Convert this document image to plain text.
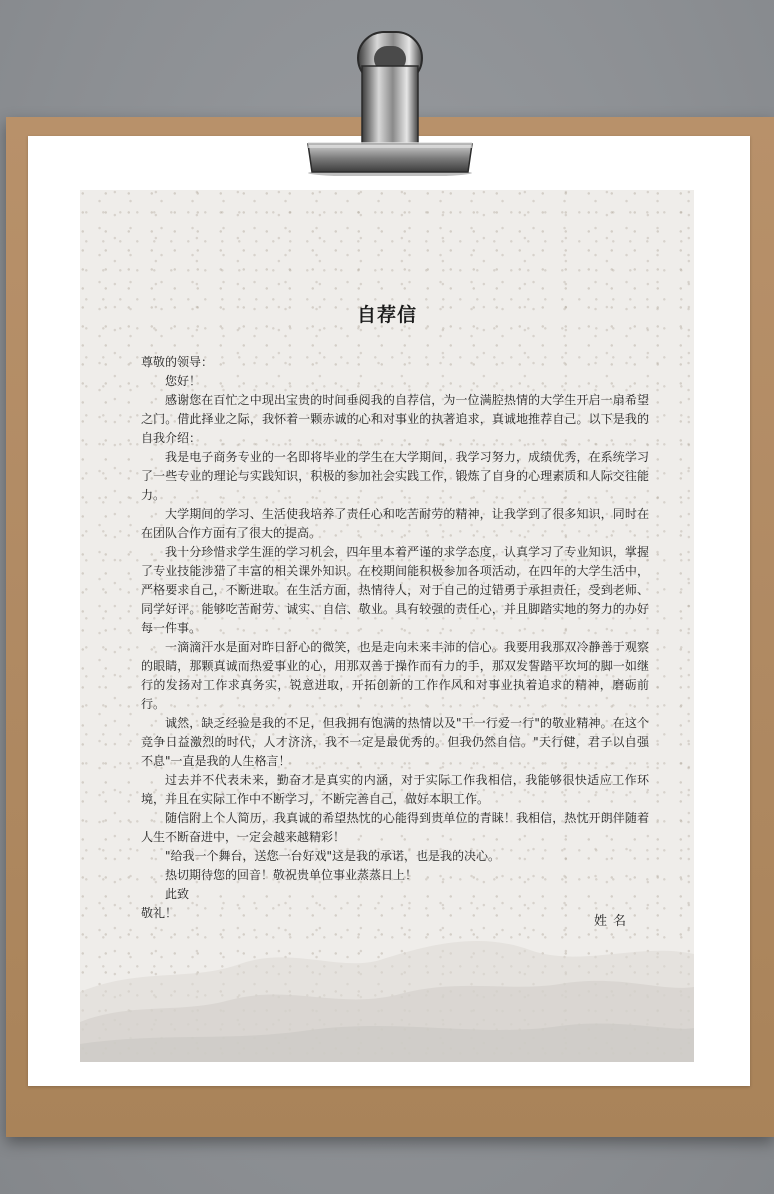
自荐信

尊敬的领导：

您好！

感谢您在百忙之中现出宝贵的时间垂阅我的自荐信，为一位满腔热情的大学生开启一扇希望之门。借此择业之际，我怀着一颗赤诚的心和对事业的执著追求，真诚地推荐自己。以下是我的自我介绍：

我是电子商务专业的一名即将毕业的学生在大学期间，我学习努力，成绩优秀，在系统学习了一些专业的理论与实践知识，积极的参加社会实践工作，锻炼了自身的心理素质和人际交往能力。

大学期间的学习、生活使我培养了责任心和吃苦耐劳的精神，让我学到了很多知识，同时在在团队合作方面有了很大的提高。

我十分珍惜求学生涯的学习机会，四年里本着严谨的求学态度，认真学习了专业知识，掌握了专业技能涉猎了丰富的相关课外知识。在校期间能积极参加各项活动，在四年的大学生活中，严格要求自己，不断进取。在生活方面，热情待人，对于自己的过错勇于承担责任，受到老师、同学好评。能够吃苦耐劳、诚实、自信、敬业。具有较强的责任心，并且脚踏实地的努力的办好每一件事。

一滴滴汗水是面对昨日舒心的微笑，也是走向未来丰沛的信心。我要用我那双冷静善于观察的眼睛，那颗真诚而热爱事业的心，用那双善于操作而有力的手，那双发誓踏平坎坷的脚一如继行的发扬对工作求真务实，锐意进取，开拓创新的工作作风和对事业执着追求的精神，磨砺前行。

诚然，缺乏经验是我的不足，但我拥有饱满的热情以及"干一行爱一行"的敬业精神。在这个竞争日益激烈的时代，人才济济，我不一定是最优秀的。但我仍然自信。"天行健，君子以自强不息"一直是我的人生格言！

过去并不代表未来，勤奋才是真实的内涵，对于实际工作我相信，我能够很快适应工作环境，并且在实际工作中不断学习，不断完善自己，做好本职工作。

随信附上个人简历，我真诚的希望热忱的心能得到贵单位的青睐！我相信，热忱开朗伴随着人生不断奋进中，一定会越来越精彩！

"给我一个舞台，送您一台好戏"这是我的承诺，也是我的决心。

热切期待您的回音！敬祝贵单位事业蒸蒸日上！

此致

敬礼！

姓名
